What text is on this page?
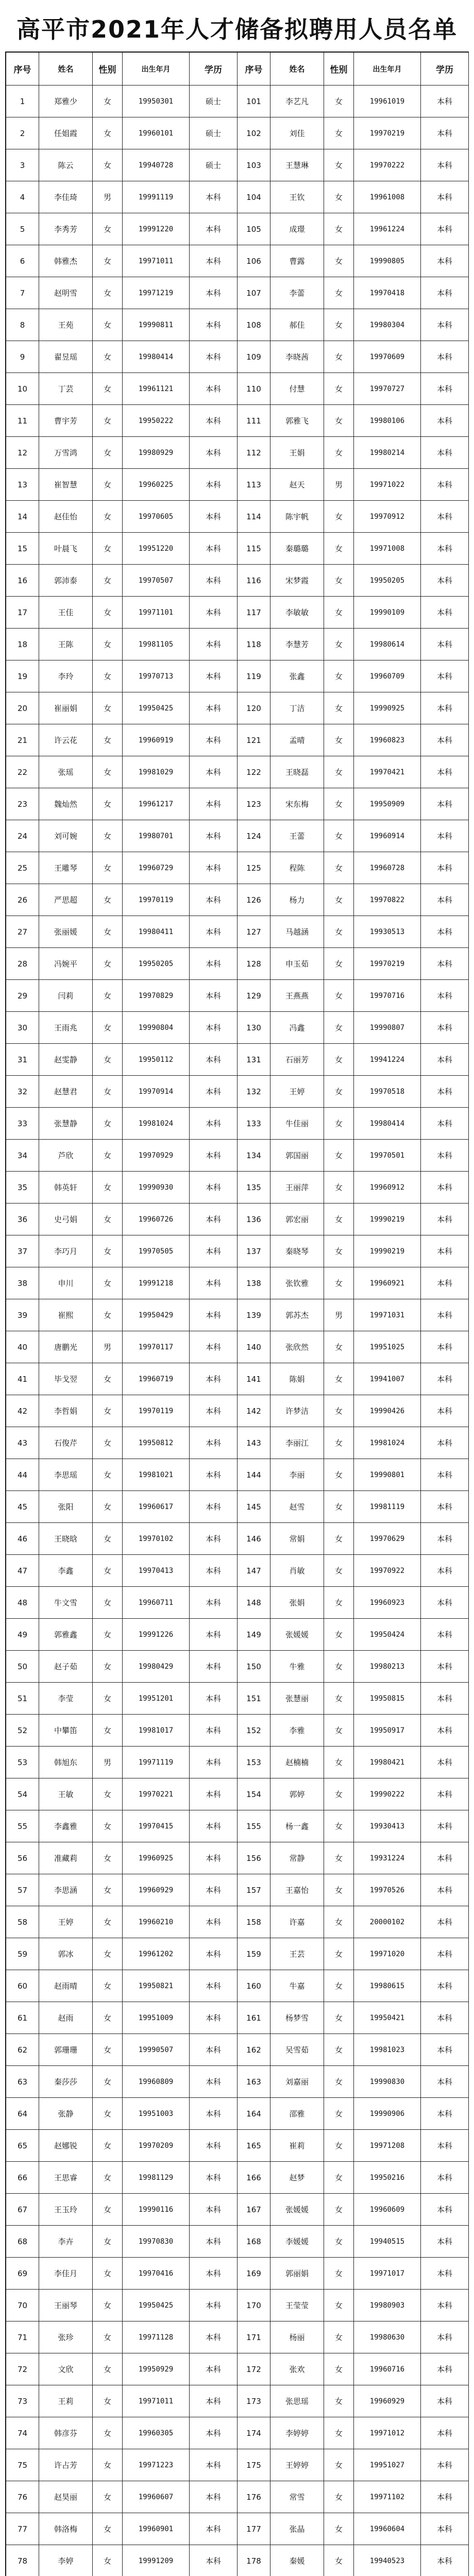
高平市2021年人才储备拟聘用人员名单
序号	姓名	性别	出生年月	学历
1	郑雅少	女	19950301	硕士
2	任姐霞	女	19960101	硕士
3	陈云	女	19940728	硕士
4	李佳琦	男	19991119	本科
5	李秀芳	女	19991220	本科
6	韩雅杰	女	19971011	本科
7	赵明雪	女	19971219	本科
8	王苑	女	19990811	本科
9	翟昱瑶	女	19980414	本科
10	丁芸	女	19961121	本科
11	曹宇芳	女	19950222	本科
12	万雪鸿	女	19980929	本科
13	崔智慧	女	19960225	本科
14	赵佳怡	女	19970605	本科
15	叶晨飞	女	19951220	本科
16	郭沛泰	女	19970507	本科
17	王佳	女	19971101	本科
18	王陈	女	19981105	本科
19	李玲	女	19970713	本科
20	崔丽娟	女	19950425	本科
21	许云花	女	19960919	本科
22	张瑶	女	19981029	本科
23	魏灿然	女	19961217	本科
24	刘可婉	女	19980701	本科
25	王雕琴	女	19960729	本科
26	严思超	女	19970119	本科
27	张丽媛	女	19980411	本科
28	冯婉平	女	19950205	本科
29	闫莉	女	19970829	本科
30	王雨兆	女	19990804	本科
31	赵雯静	女	19950112	本科
32	赵慧君	女	19970914	本科
33	张慧静	女	19981024	本科
34	芦欣	女	19970929	本科
35	韩英轩	女	19990930	本科
36	史弓娟	女	19960726	本科
37	李巧月	女	19970505	本科
38	申川	女	19991218	本科
39	崔熙	女	19950429	本科
40	唐鹏光	男	19970117	本科
41	毕戈翌	女	19960719	本科
42	李哲娟	女	19970119	本科
43	石俊芹	女	19950812	本科
44	李思瑶	女	19981021	本科
45	张阳	女	19960617	本科
46	王晓晗	女	19970102	本科
47	李鑫	女	19970413	本科
48	牛文雪	女	19960711	本科
49	郭雅鑫	女	19991226	本科
50	赵子茹	女	19980429	本科
51	李莹	女	19951201	本科
52	中攀笛	女	19981017	本科
53	韩旭东	男	19971119	本科
54	王敏	女	19970221	本科
55	李鑫雅	女	19970415	本科
56	准藏莉	女	19960925	本科
57	李思涵	女	19960929	本科
58	王婷	女	19960210	本科
59	郭冰	女	19961202	本科
60	赵雨晴	女	19950821	本科
61	赵雨	女	19951009	本科
62	郭珊珊	女	19990507	本科
63	秦莎莎	女	19960809	本科
64	张静	女	19951003	本科
65	赵娜锐	女	19970209	本科
66	王思睿	女	19981129	本科
67	王玉玲	女	19990116	本科
68	李卉	女	19970830	本科
69	李佳月	女	19970416	本科
70	王丽琴	女	19950425	本科
71	张珍	女	19971128	本科
72	文欣	女	19950929	本科
73	王莉	女	19971011	本科
74	韩彦芬	女	19960305	本科
75	许占芳	女	19971223	本科
76	赵昊丽	女	19960607	本科
77	韩洛梅	女	19960901	本科
78	李婷	女	19991209	本科
序号	姓名	性别	出生年月	学历
101	李艺凡	女	19961019	本科
102	刘佳	女	19970219	本科
103	王慧琳	女	19970222	本科
104	王钦	女	19961008	本科
105	成璟	女	19961224	本科
106	曹露	女	19990805	本科
107	李蕾	女	19970418	本科
108	郝佳	女	19980304	本科
109	李晓茜	女	19970609	本科
110	付慧	女	19970727	本科
111	郭雅飞	女	19980106	本科
112	王娟	女	19980214	本科
113	赵天	男	19971022	本科
114	陈宇帆	女	19970912	本科
115	秦璐璐	女	19971008	本科
116	宋梦霞	女	19950205	本科
117	李敏敏	女	19990109	本科
118	李慧芳	女	19980614	本科
119	张鑫	女	19960709	本科
120	丁洁	女	19990925	本科
121	孟晴	女	19960823	本科
122	王晓磊	女	19970421	本科
123	宋东梅	女	19950909	本科
124	王蕾	女	19960914	本科
125	程陈	女	19960728	本科
126	杨力	女	19970822	本科
127	马越涵	女	19930513	本科
128	申玉茹	女	19970219	本科
129	王燕燕	女	19970716	本科
130	冯鑫	女	19990807	本科
131	石丽芳	女	19941224	本科
132	王婷	女	19970518	本科
133	牛佳丽	女	19980414	本科
134	郭国丽	女	19970501	本科
135	王丽萍	女	19960912	本科
136	郭宏丽	女	19990219	本科
137	秦晓琴	女	19990219	本科
138	张钦雅	女	19960921	本科
139	郭苏杰	男	19971031	本科
140	张欣然	女	19951025	本科
141	陈娟	女	19941007	本科
142	许梦洁	女	19990426	本科
143	李丽江	女	19981024	本科
144	李丽	女	19990801	本科
145	赵雪	女	19981119	本科
146	常娟	女	19970629	本科
147	肖敏	女	19970922	本科
148	张娟	女	19960923	本科
149	张媛媛	女	19950424	本科
150	牛雅	女	19980213	本科
151	张慧丽	女	19950815	本科
152	李雅	女	19950917	本科
153	赵楠楠	女	19980421	本科
154	郭婷	女	19990222	本科
155	杨一鑫	女	19930413	本科
156	常静	女	19931224	本科
157	王嘉怡	女	19970526	本科
158	许嘉	女	20000102	本科
159	王芸	女	19971020	本科
160	牛嘉	女	19980615	本科
161	杨梦雪	女	19950421	本科
162	吴雪茹	女	19981023	本科
163	刘嘉丽	女	19990830	本科
164	邵雅	女	19990906	本科
165	崔莉	女	19971208	本科
166	赵梦	女	19950216	本科
167	张媛媛	女	19960609	本科
168	李媛媛	女	19940515	本科
169	郭丽娟	女	19971017	本科
170	王莹莹	女	19980903	本科
171	杨丽	女	19980630	本科
172	张欢	女	19960716	本科
173	张思瑶	女	19960929	本科
174	李婷婷	女	19971012	本科
175	王婷婷	女	19951027	本科
176	常雪	女	19971102	本科
177	张晶	女	19960604	本科
178	秦媛	女	19940523	本科
